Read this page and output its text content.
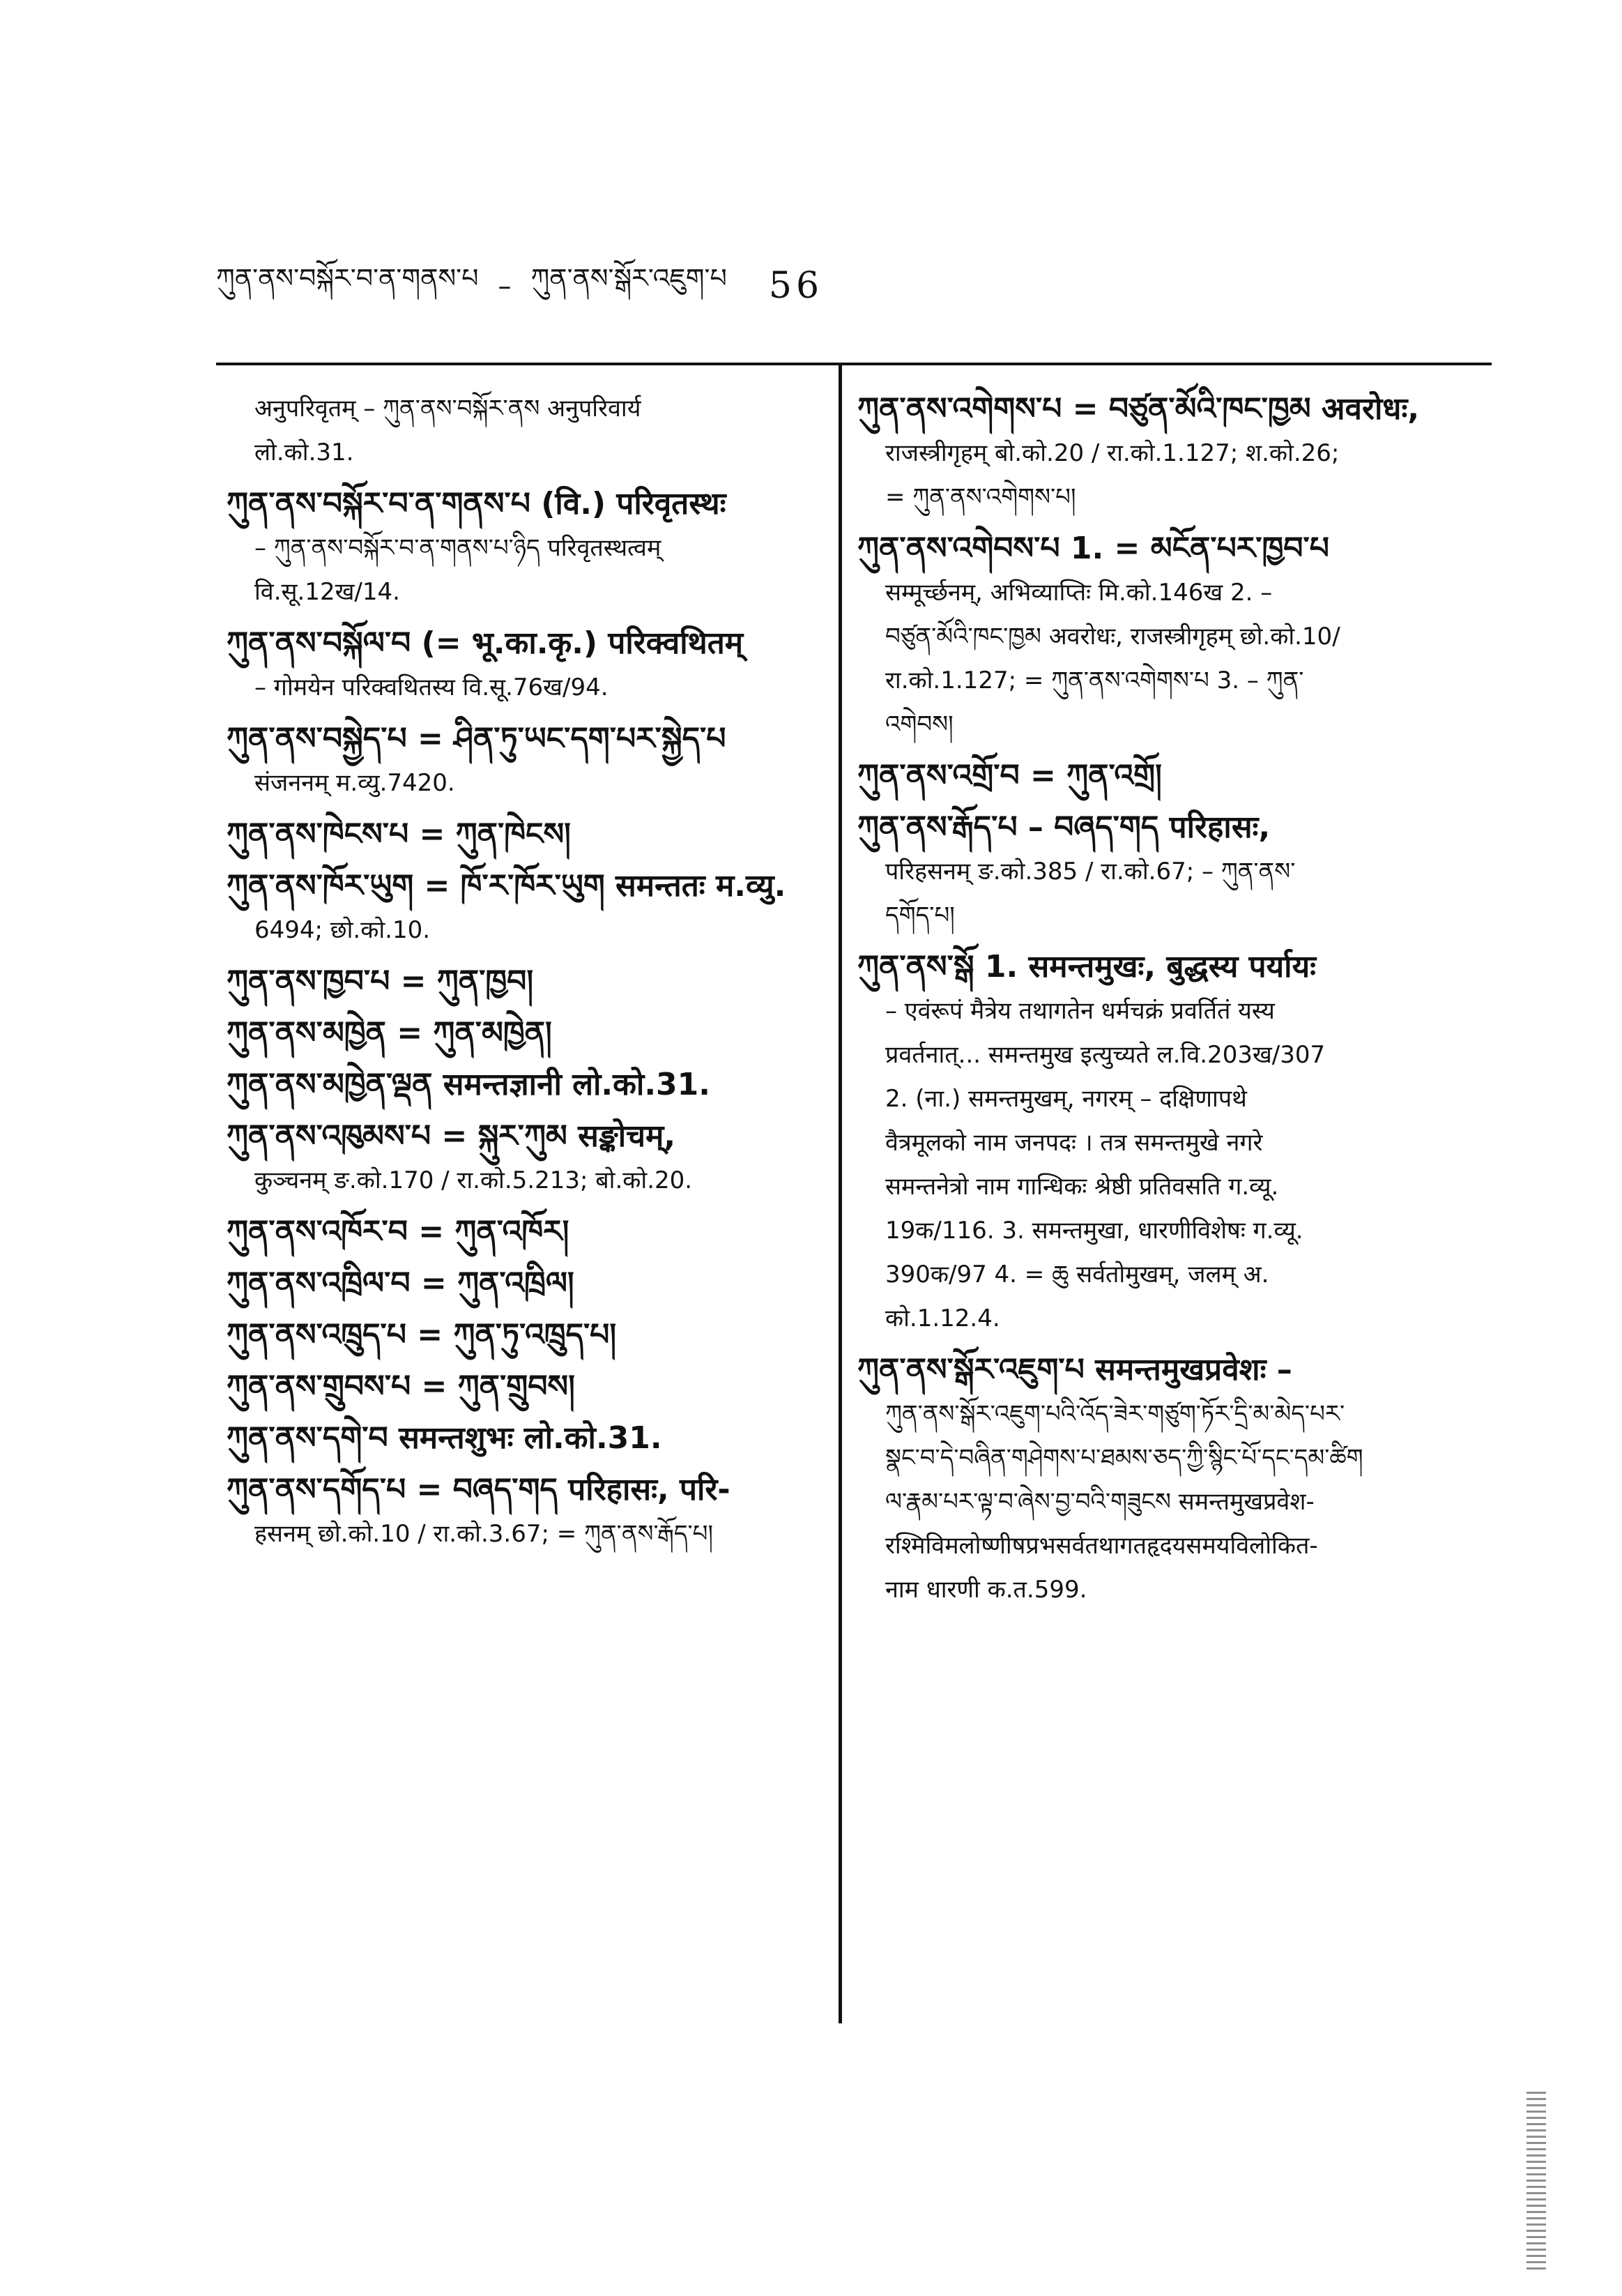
ཀུན་ནས་བསྐོར་བ་ན་གནས་པ – ཀུན་ནས་སྒོར་འཇུག་པ 56
अनुपरिवृतम् – ཀུན་ནས་བསྐོར་ནས अनुपरिवार्य
लो.को.31.
ཀུན་ནས་བསྐོར་བ་ན་གནས་པ (वि.) परिवृतस्थः
– ཀུན་ནས་བསྐོར་བ་ན་གནས་པ་ཉིད परिवृतस्थत्वम्
वि.सू.12ख/14.
ཀུན་ནས་བསྐོལ་བ (= भू.का.कृ.) परिक्वथितम्
– गोमयेन परिक्वथितस्य वि.सू.76ख/94.
ཀུན་ནས་བསྐྱེད་པ = ཤིན་ཏུ་ཡང་དག་པར་སྐྱེད་པ
संजननम् म.व्यु.7420.
ཀུན་ནས་ཁེངས་པ = ཀུན་ཁེངས།
ཀུན་ནས་ཁོར་ཡུག = ཁོ་ར་ཁོར་ཡུག समन्ततः म.व्यु.
6494; छो.को.10.
ཀུན་ནས་ཁྱབ་པ = ཀུན་ཁྱབ།
ཀུན་ནས་མཁྱེན = ཀུན་མཁྱེན།
ཀུན་ནས་མཁྱེན་ལྡན समन्तज्ञानी लो.को.31.
ཀུན་ནས་འཁུམས་པ = སྐུར་ཀུམ सङ्कोचम्,
कुञ्चनम् ङ.को.170 / रा.को.5.213; बो.को.20.
ཀུན་ནས་འཁོར་བ = ཀུན་འཁོར།
ཀུན་ནས་འཁྲིལ་བ = ཀུན་འཁྲིལ།
ཀུན་ནས་འཁྲུད་པ = ཀུན་ཏུ་འཁྲུད་པ།
ཀུན་ནས་གྲུབས་པ = ཀུན་གྲུབས།
ཀུན་ནས་དགེ་བ समन्तशुभः लो.को.31.
ཀུན་ནས་དགོད་པ = བཞད་གད परिहासः, परि-
हसनम् छो.को.10 / रा.को.3.67; = ཀུན་ནས་རྒོད་པ།
ཀུན་ནས་འགེགས་པ = བཙུན་མོའི་ཁང་ཁྱམ अवरोधः,
राजस्त्रीगृहम् बो.को.20 / रा.को.1.127; श.को.26;
= ཀུན་ནས་འགེགས་པ།
ཀུན་ནས་འགེབས་པ 1. = མངོན་པར་ཁྱབ་པ
सम्मूर्च्छनम्, अभिव्याप्तिः मि.को.146ख 2. –
བཙུན་མོའི་ཁང་ཁྱམ अवरोधः, राजस्त्रीगृहम् छो.को.10/
रा.को.1.127; = ཀུན་ནས་འགེགས་པ 3. – ཀུན་
འགེབས།
ཀུན་ནས་འགྲོ་བ = ཀུན་འགྲོ།
ཀུན་ནས་རྒོད་པ – བཞད་གད परिहासः,
परिहसनम् ङ.को.385 / रा.को.67; – ཀུན་ནས་
དགོད་པ།
ཀུན་ནས་སྒོ 1. समन्तमुखः, बुद्धस्य पर्यायः
– एवंरूपं मैत्रेय तथागतेन धर्मचक्रं प्रवर्तितं यस्य
प्रवर्तनात्... समन्तमुख इत्युच्यते ल.वि.203ख/307
2. (ना.) समन्तमुखम्, नगरम् – दक्षिणापथे
वैत्रमूलको नाम जनपदः । तत्र समन्तमुखे नगरे
समन्तनेत्रो नाम गान्धिकः श्रेष्ठी प्रतिवसति ग.व्यू.
19क/116. 3. समन्तमुखा, धारणीविशेषः ग.व्यू.
390क/97 4. = ཆུ सर्वतोमुखम्, जलम् अ.
को.1.12.4.
ཀུན་ནས་སྒོར་འཇུག་པ समन्तमुखप्रवेशः –
ཀུན་ནས་སྒོར་འཇུག་པའི་འོད་ཟེར་གཙུག་ཏོར་དྲི་མ་མེད་པར་
སྣང་བ་དེ་བཞིན་གཤེགས་པ་ཐམས་ཅད་ཀྱི་སྙིང་པོ་དང་དམ་ཚིག
ལ་རྣམ་པར་ལྟ་བ་ཞེས་བྱ་བའི་གཟུངས समन्तमुखप्रवेश-
रश्मिविमलोष्णीषप्रभसर्वतथागतहृदयसमयविलोकित-
नाम धारणी क.त.599.
